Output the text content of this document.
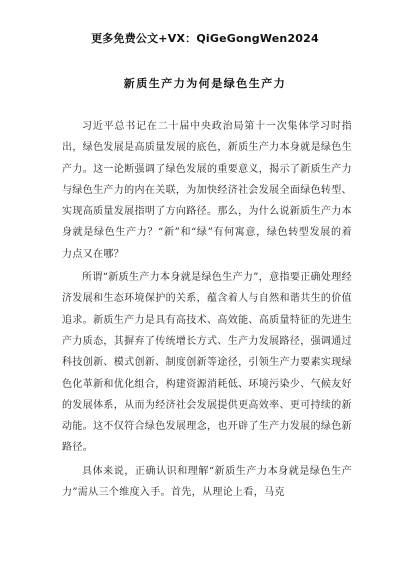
更多免费公文+VX：QiGeGongWen2024
新质生产力为何是绿色生产力

习近平总书记在二十届中央政治局第十一次集体学习时指出，绿色发展是高质量发展的底色，新质生产力本身就是绿色生产力。这一论断强调了绿色发展的重要意义，揭示了新质生产力与绿色生产力的内在关联，为加快经济社会发展全面绿色转型、实现高质量发展指明了方向路径。那么，为什么说新质生产力本身就是绿色生产力？“新”和“绿”有何寓意，绿色转型发展的着力点又在哪？

所谓“新质生产力本身就是绿色生产力”，意指要正确处理经济发展和生态环境保护的关系，蕴含着人与自然和谐共生的价值追求。新质生产力是具有高技术、高效能、高质量特征的先进生产力质态，其摒弃了传统增长方式、生产力发展路径，强调通过科技创新、模式创新、制度创新等途径，引领生产力要素实现绿色化革新和优化组合，构建资源消耗低、环境污染少、气候友好的发展体系，从而为经济社会发展提供更高效率、更可持续的新动能。这不仅符合绿色发展理念，也开辟了生产力发展的绿色新路径。

具体来说，正确认识和理解“新质生产力本身就是绿色生产力”需从三个维度入手。首先，从理论上看，马克
